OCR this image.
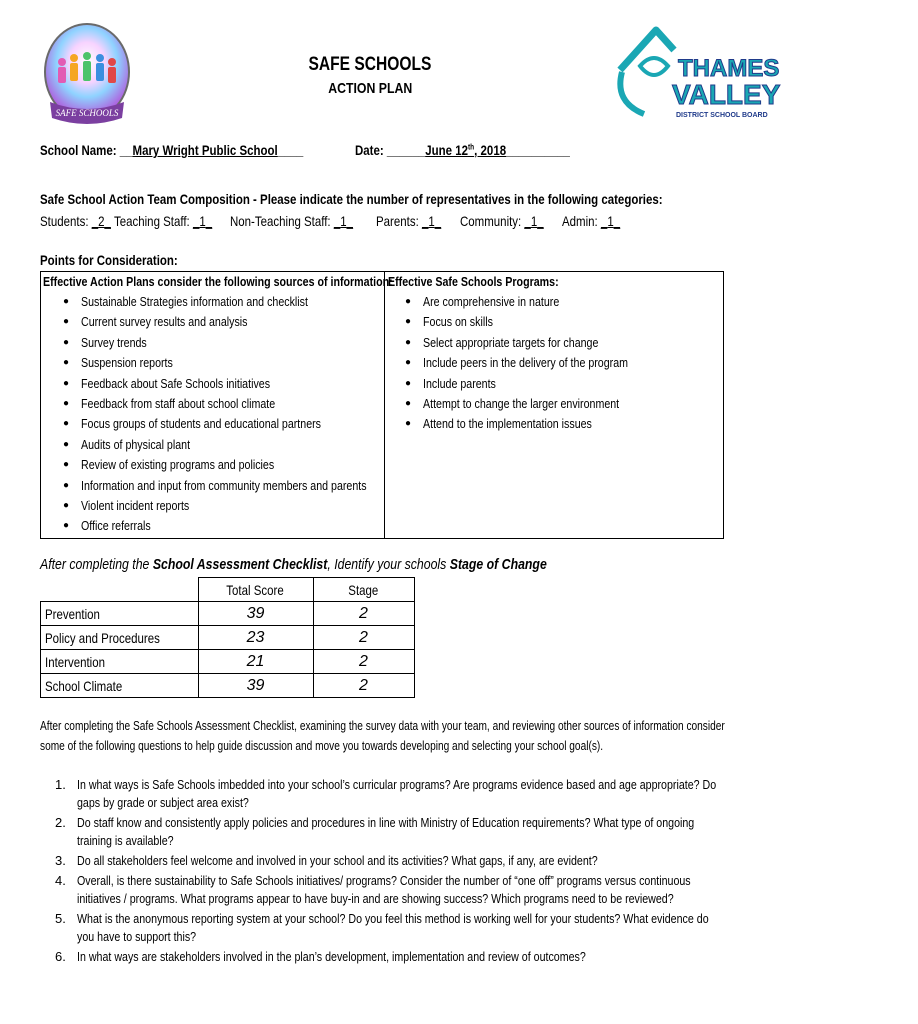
SAFE SCHOOLS
THAMES
VALLEY
DISTRICT SCHOOL BOARD
SAFE SCHOOLS
ACTION PLAN
School Name: __Mary Wright Public School____	Date: ______June 12th, 2018__________
Safe School Action Team Composition - Please indicate the number of representatives in the following categories:
Students: _2_ Teaching Staff: _1_ Non-Teaching Staff: _1_ Parents: _1_ Community: _1_ Admin: _1_
Points for Consideration:
Effective Action Plans consider the following sources of information:
● Sustainable Strategies information and checklist
● Current survey results and analysis
● Survey trends
● Suspension reports
● Feedback about Safe Schools initiatives
● Feedback from staff about school climate
● Focus groups of students and educational partners
● Audits of physical plant
● Review of existing programs and policies
● Information and input from community members and parents
● Violent incident reports
● Office referrals
Effective Safe Schools Programs:
● Are comprehensive in nature
● Focus on skills
● Select appropriate targets for change
● Include peers in the delivery of the program
● Include parents
● Attempt to change the larger environment
● Attend to the implementation issues
After completing the School Assessment Checklist, Identify your schools Stage of Change
	Total Score	Stage
Prevention	39	2
Policy and Procedures	23	2
Intervention	21	2
School Climate	39	2
After completing the Safe Schools Assessment Checklist, examining the survey data with your team, and reviewing other sources of information consider
some of the following questions to help guide discussion and move you towards developing and selecting your school goal(s).
1. In what ways is Safe Schools imbedded into your school’s curricular programs? Are programs evidence based and age appropriate? Do gaps by grade or subject area exist?
2. Do staff know and consistently apply policies and procedures in line with Ministry of Education requirements? What type of ongoing training is available?
3. Do all stakeholders feel welcome and involved in your school and its activities? What gaps, if any, are evident?
4. Overall, is there sustainability to Safe Schools initiatives/ programs? Consider the number of “one off” programs versus continuous initiatives / programs. What programs appear to have buy-in and are showing success? Which programs need to be reviewed?
5. What is the anonymous reporting system at your school? Do you feel this method is working well for your students? What evidence do you have to support this?
6. In what ways are stakeholders involved in the plan’s development, implementation and review of outcomes?
